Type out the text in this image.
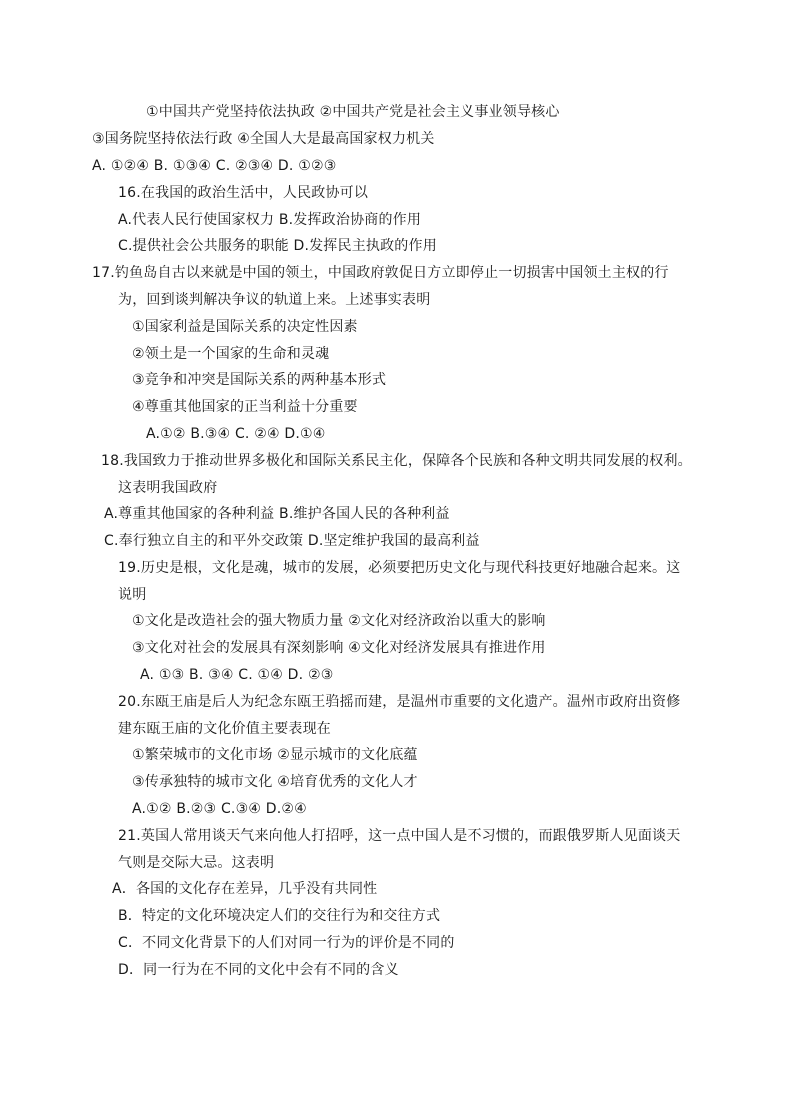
①中国共产党坚持依法执政 ②中国共产党是社会主义事业领导核心
③国务院坚持依法行政 ④全国人大是最高国家权力机关
A. ①②④ B. ①③④ C. ②③④ D. ①②③
16.在我国的政治生活中，人民政协可以
A.代表人民行使国家权力 B.发挥政治协商的作用
C.提供社会公共服务的职能 D.发挥民主执政的作用
17.钓鱼岛自古以来就是中国的领土，中国政府敦促日方立即停止一切损害中国领土主权的行
为，回到谈判解决争议的轨道上来。上述事实表明
①国家利益是国际关系的决定性因素
②领土是一个国家的生命和灵魂
③竞争和冲突是国际关系的两种基本形式
④尊重其他国家的正当利益十分重要
A.①② B.③④ C. ②④ D.①④
18.我国致力于推动世界多极化和国际关系民主化，保障各个民族和各种文明共同发展的权利。
这表明我国政府
A.尊重其他国家的各种利益 B.维护各国人民的各种利益
C.奉行独立自主的和平外交政策 D.坚定维护我国的最高利益
19.历史是根，文化是魂，城市的发展，必须要把历史文化与现代科技更好地融合起来。这
说明
①文化是改造社会的强大物质力量 ②文化对经济政治以重大的影响
③文化对社会的发展具有深刻影响 ④文化对经济发展具有推进作用
A. ①③ B. ③④ C. ①④ D. ②③
20.东瓯王庙是后人为纪念东瓯王驺摇而建，是温州市重要的文化遗产。温州市政府出资修
建东瓯王庙的文化价值主要表现在
①繁荣城市的文化市场 ②显示城市的文化底蕴
③传承独特的城市文化 ④培育优秀的文化人才
A.①② B.②③ C.③④ D.②④
21.英国人常用谈天气来向他人打招呼，这一点中国人是不习惯的，而跟俄罗斯人见面谈天
气则是交际大忌。这表明
A．各国的文化存在差异，几乎没有共同性
B．特定的文化环境决定人们的交往行为和交往方式
C．不同文化背景下的人们对同一行为的评价是不同的
D．同一行为在不同的文化中会有不同的含义
